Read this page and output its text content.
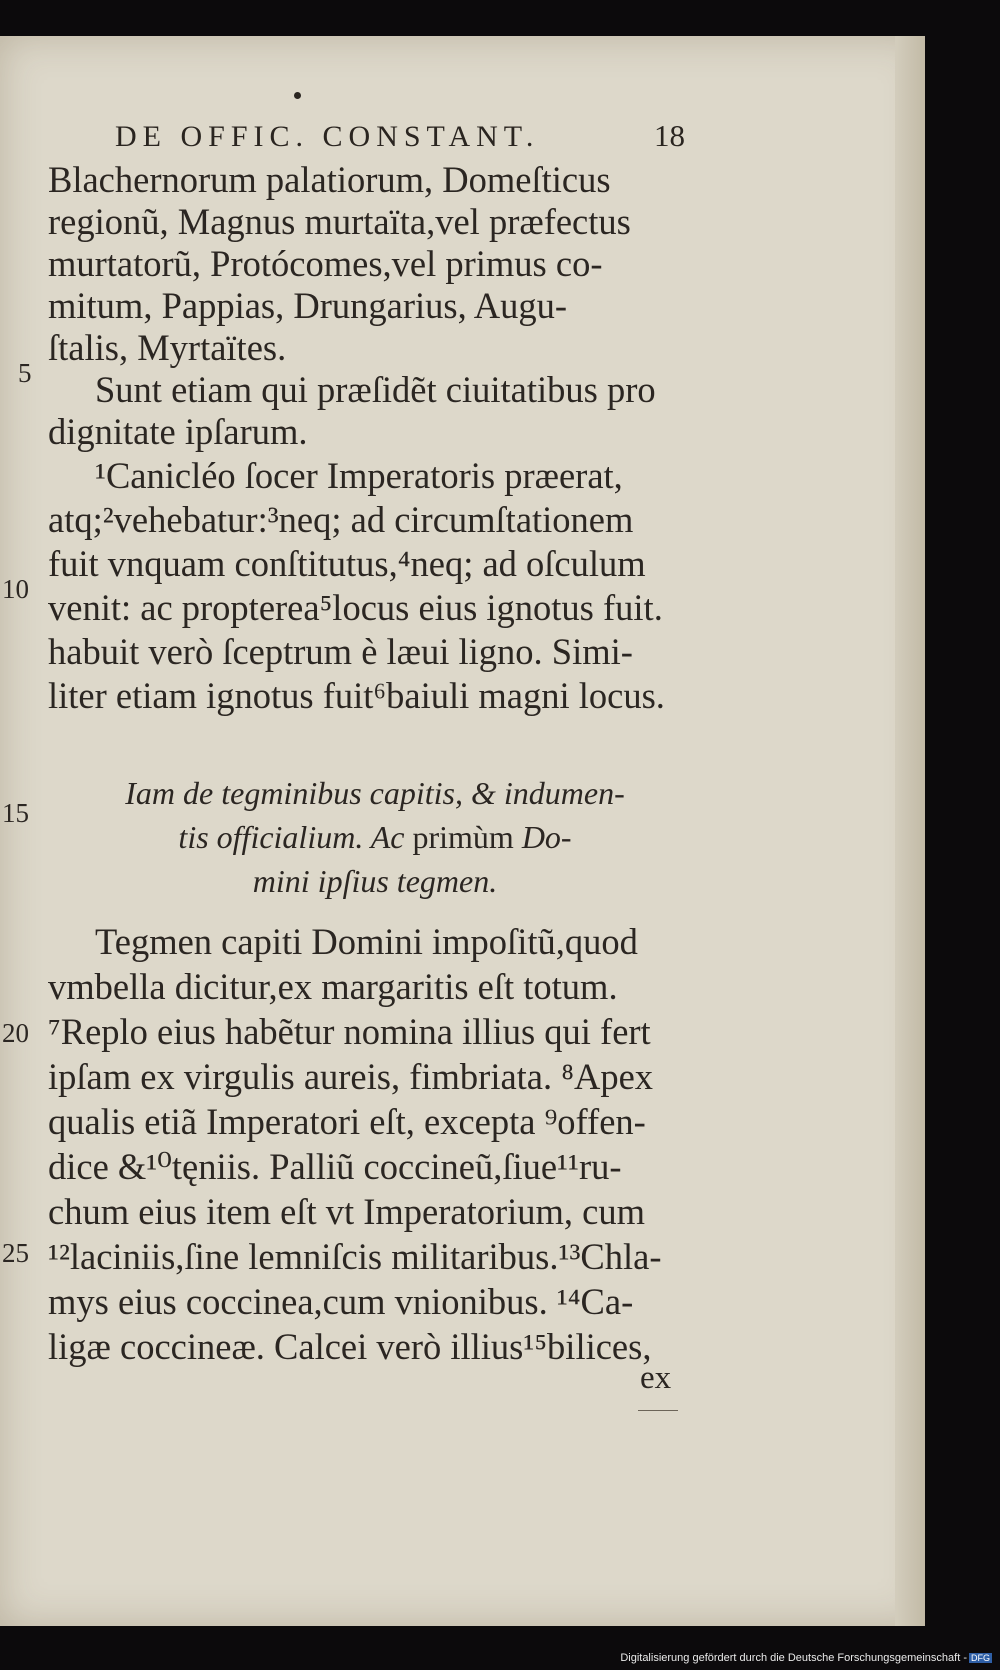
DE OFFIC. CONSTANT.	18
Blachernorum palatiorum, Domeſticus
regionũ, Magnus murtaïta,vel præfectus
murtatorũ, Protócomes,vel primus co-
mitum, Pappias, Drungarius, Augu-
ſtalis, Myrtaïtes.
Sunt etiam qui præſidẽt ciuitatibus pro
dignitate ipſarum.
¹Canicléo ſocer Imperatoris præerat,
atq;²vehebatur:³neq; ad circumſtationem
fuit vnquam conſtitutus,⁴neq; ad oſculum
venit: ac propterea⁵locus eius ignotus fuit.
habuit verò ſceptrum è læui ligno. Simi-
liter etiam ignotus fuit⁶baiuli magni locus.
Iam de tegminibus capitis, & indumen-
tis officialium. Ac primùm Do-
mini ipſius tegmen.
Tegmen capiti Domini impoſitũ,quod
vmbella dicitur,ex margaritis eſt totum.
⁷Replo eius habẽtur nomina illius qui fert
ipſam ex virgulis aureis, fimbriata. ⁸Apex
qualis etiã Imperatori eſt, excepta ⁹offen-
dice &¹⁰tęniis. Palliũ coccineũ,ſiue¹¹ru-
chum eius item eſt vt Imperatorium, cum
¹²laciniis,ſine lemniſcis militaribus.¹³Chla-
mys eius coccinea,cum vnionibus. ¹⁴Ca-
ligæ coccineæ. Calcei verò illius¹⁵bilices,
5
10
15
20
25
ex
Digitalisierung gefördert durch die Deutsche Forschungsgemeinschaft - DFG
